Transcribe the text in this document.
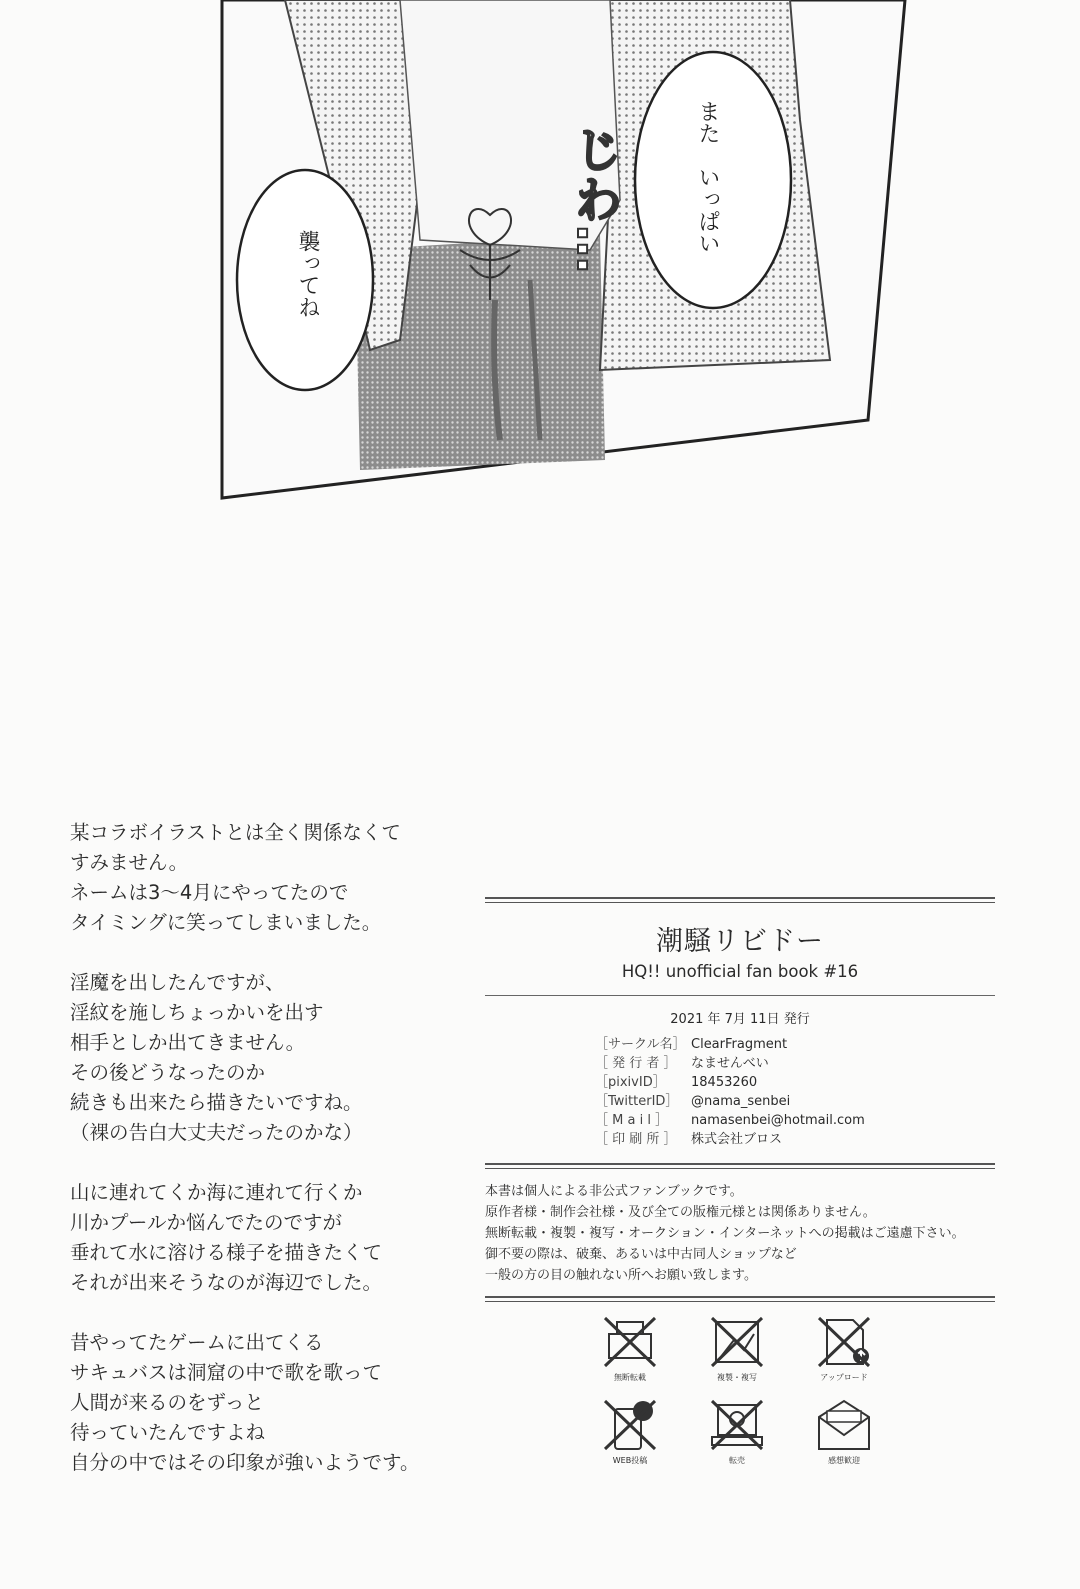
また　いっぱい
襲ってね	じわ…

某コラボイラストとは全く関係なくて
すみません。
ネームは3〜4月にやってたので
タイミングに笑ってしまいました。

淫魔を出したんですが、
淫紋を施しちょっかいを出す
相手としか出てきません。
その後どうなったのか
続きも出来たら描きたいですね。
（裸の告白大丈夫だったのかな）

山に連れてくか海に連れて行くか
川かプールか悩んでたのですが
垂れて水に溶ける様子を描きたくて
それが出来そうなのが海辺でした。

昔やってたゲームに出てくる
サキュバスは洞窟の中で歌を歌って
人間が来るのをずっと
待っていたんですよね
自分の中ではその印象が強いようです。

潮騒リビドー
HQ!! unofficial fan book #16
2021 年 7月 11日 発行
［サークル名］ ClearFragment
［ 発 行 者 ］	なませんべい
［pixivID］	18453260
［TwitterID］ @nama_senbei
［ M a i l ］	namasenbei@hotmail.com
［ 印 刷 所 ］	株式会社ブロス
本書は個人による非公式ファンブックです。
原作者様・制作会社様・及び全ての版権元様とは関係ありません。
無断転載・複製・複写・オークション・インターネットへの掲載はご遠慮下さい。
御不要の際は、破棄、あるいは中古同人ショップなど
一般の方の目の触れない所へお願い致します。
無断転載	複製・複写	アップロード
WEB投稿	転売	感想歓迎
